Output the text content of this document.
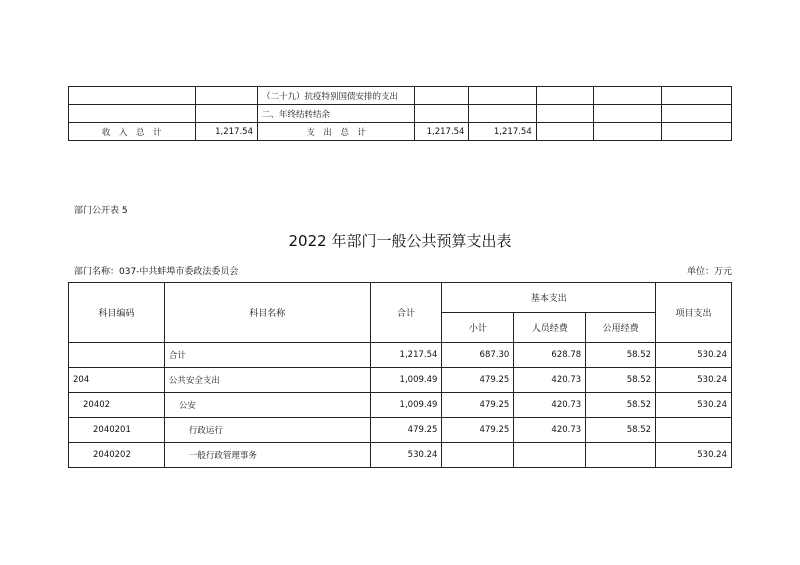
		（二十九）抗疫特别国债安排的支出					
		二、年终结转结余					
收　入　总　计	1,217.54	支　出　总　计	1,217.54	1,217.54			
部门公开表 5
2022 年部门一般公共预算支出表
部门名称：037-中共蚌埠市委政法委员会	单位：万元
科目编码	科目名称	合计	基本支出			项目支出
			小计	人员经费	公用经费	
	合计	1,217.54	687.30	628.78	58.52	530.24
204	公共安全支出	1,009.49	479.25	420.73	58.52	530.24
20402	公安	1,009.49	479.25	420.73	58.52	530.24
2040201	行政运行	479.25	479.25	420.73	58.52	
2040202	一般行政管理事务	530.24				530.24
